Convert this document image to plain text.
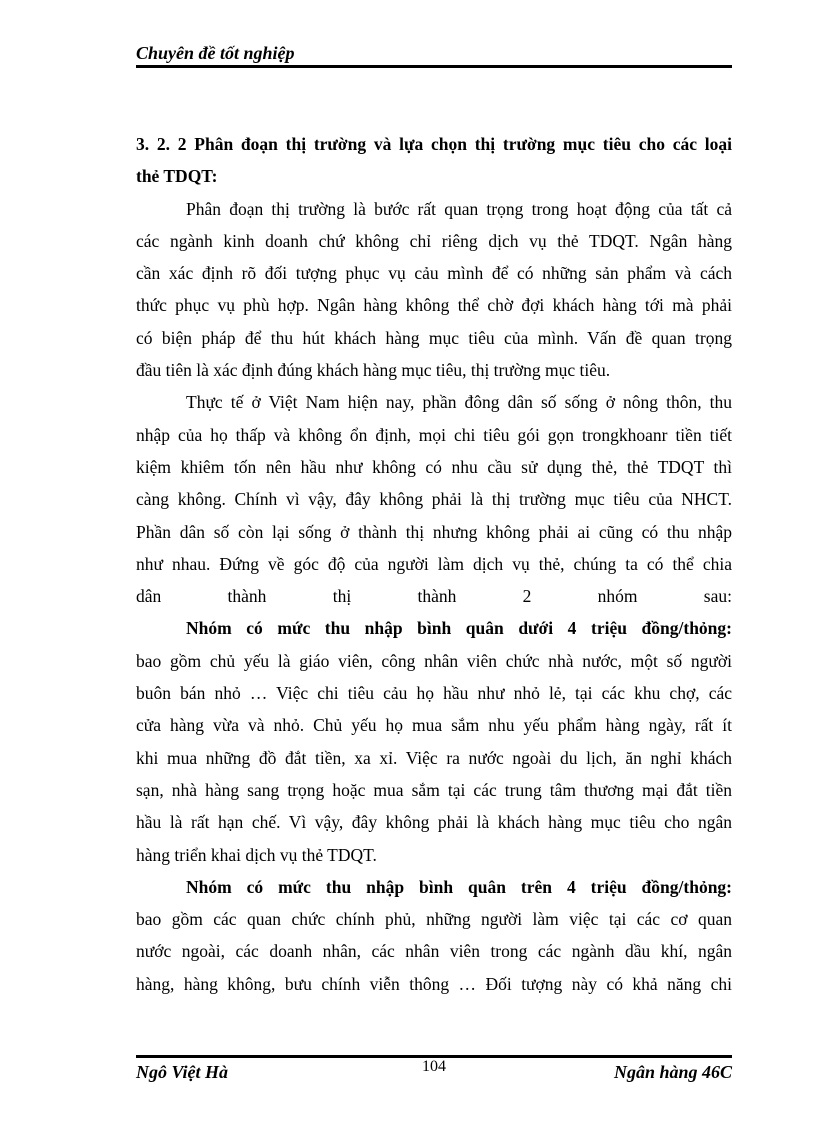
Chuyên đề tốt nghiệp
3. 2. 2 Phân đoạn thị trường và lựa chọn thị trường mục tiêu cho các loại
thẻ TDQT:
Phân đoạn thị trường là bước rất quan trọng trong hoạt động của tất cả
các ngành kinh doanh chứ không chỉ riêng dịch vụ thẻ TDQT. Ngân hàng
cần xác định rõ đối tượng phục vụ cảu mình để có những sản phẩm và cách
thức phục vụ phù hợp. Ngân hàng không thể chờ đợi khách hàng tới mà phải
có biện pháp để thu hút khách hàng mục tiêu của mình. Vấn đề quan trọng
đầu tiên là xác định đúng khách hàng mục tiêu, thị trường mục tiêu.
Thực tế ở Việt Nam hiện nay, phần đông dân số sống ở nông thôn, thu
nhập của họ thấp và không ổn định, mọi chi tiêu gói gọn trongkhoanr tiền tiết
kiệm khiêm tốn nên hầu như không có nhu cầu sử dụng thẻ, thẻ TDQT thì
càng không. Chính vì vậy, đây không phải là thị trường mục tiêu của NHCT.
Phần dân số còn lại sống ở thành thị nhưng không phải ai cũng có thu nhập
như nhau. Đứng về góc độ của người làm dịch vụ thẻ, chúng ta có thể chia
dân thành thị thành 2 nhóm sau:
Nhóm có mức thu nhập bình quân dưới 4 triệu đồng/thỏng:
bao gồm chủ yếu là giáo viên, công nhân viên chức nhà nước, một số người
buôn bán nhỏ … Việc chi tiêu cảu họ hầu như nhỏ lẻ, tại các khu chợ, các
cửa hàng vừa và nhỏ. Chủ yếu họ mua sắm nhu yếu phẩm hàng ngày, rất ít
khi mua những đồ đắt tiền, xa xỉ. Việc ra nước ngoài du lịch, ăn nghỉ khách
sạn, nhà hàng sang trọng hoặc mua sắm tại các trung tâm thương mại đắt tiền
hầu là rất hạn chế. Vì vậy, đây không phải là khách hàng mục tiêu cho ngân
hàng triển khai dịch vụ thẻ TDQT.
Nhóm có mức thu nhập bình quân trên 4 triệu đồng/thỏng:
bao gồm các quan chức chính phủ, những người làm việc tại các cơ quan
nước ngoài, các doanh nhân, các nhân viên trong các ngành dầu khí, ngân
hàng, hàng không, bưu chính viễn thông … Đối tượng này có khả năng chi
Ngô Việt Hà	104	Ngân hàng 46C
